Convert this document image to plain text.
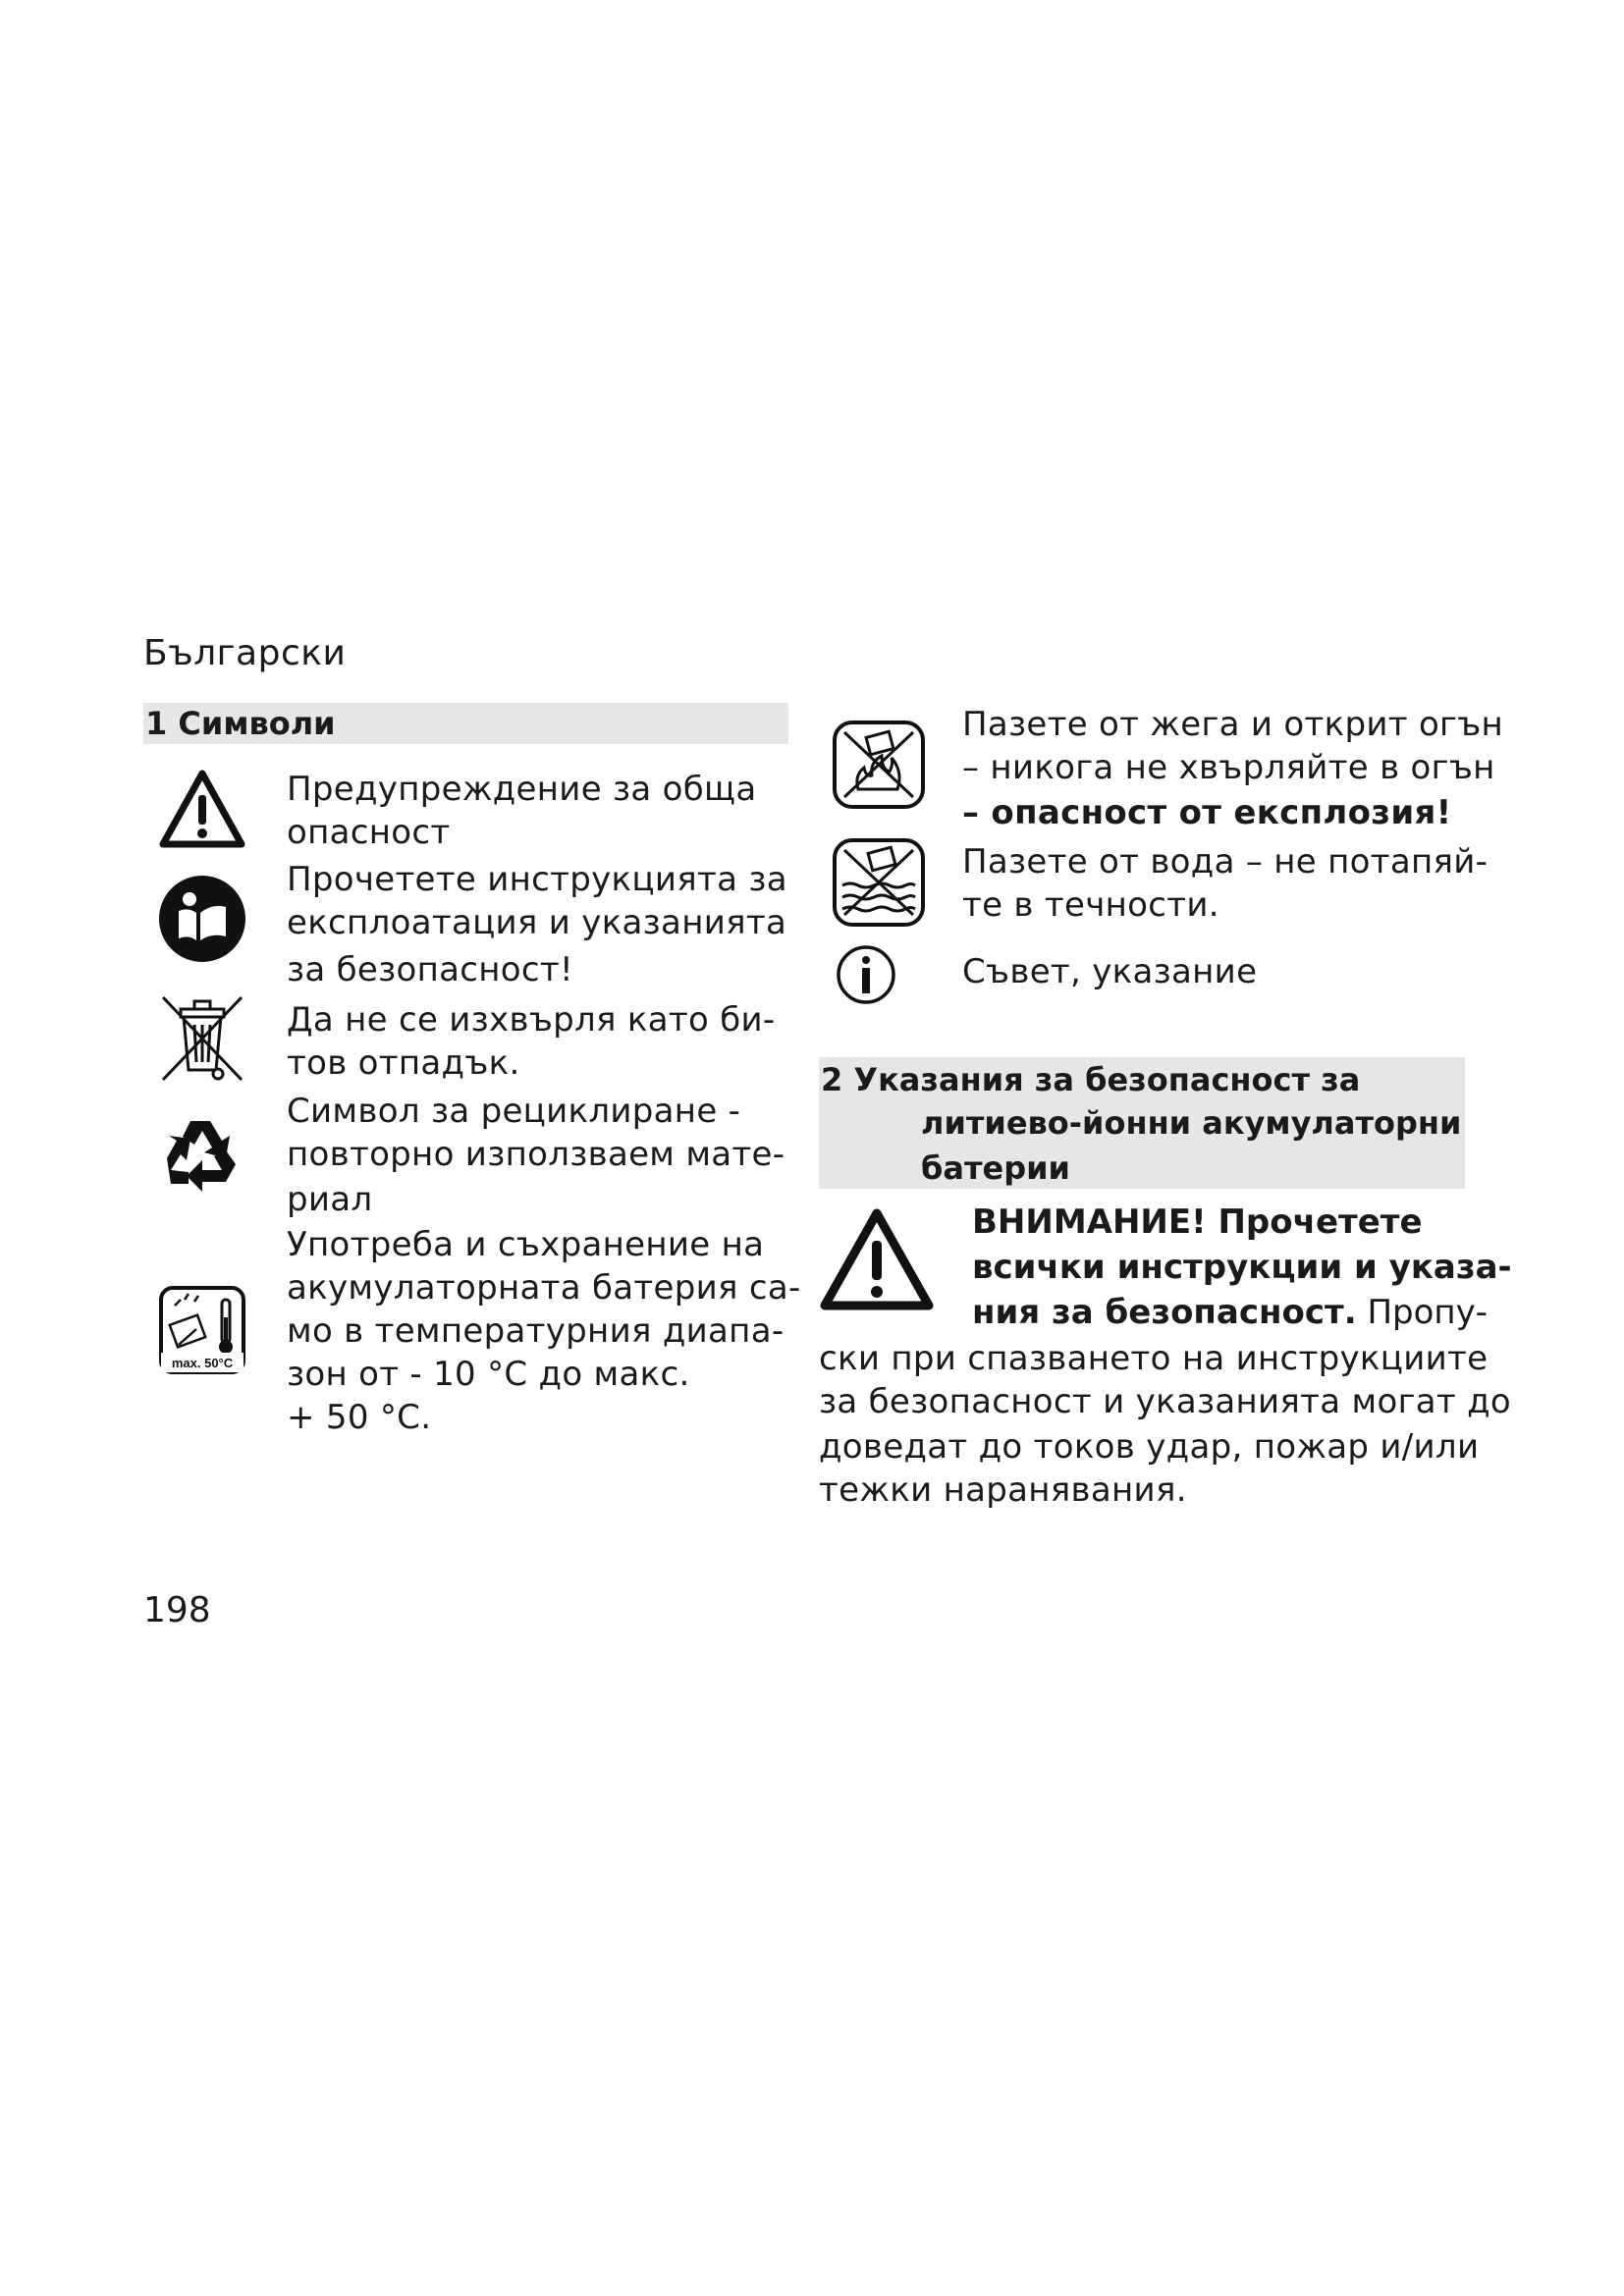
Български
1 Символи
Предупреждение за обща
опасност
Прочетете инструкцията за
експлоатация и указанията
за безопасност!
Да не се изхвърля като би-
тов отпадък.
Символ за рециклиране -
повторно използваем мате-
риал
max. 50°C
Употреба и съхранение на
акумулаторната батерия са-
мо в температурния диапа-
зон от - 10 °C до макс.
+ 50 °C.
Пазете от жега и открит огън
– никога не хвърляйте в огън
– опасност от експлозия!
Пазете от вода – не потапяй-
те в течности.
Съвет, указание
2 Указания за безопасност за
литиево-йонни акумулаторни
батерии
ВНИМАНИЕ! Прочетете
всички инструкции и указа-
ния за безопасност. Пропу-
ски при спазването на инструкциите
за безопасност и указанията могат до
доведат до токов удар, пожар и/или
тежки наранявания.
198
